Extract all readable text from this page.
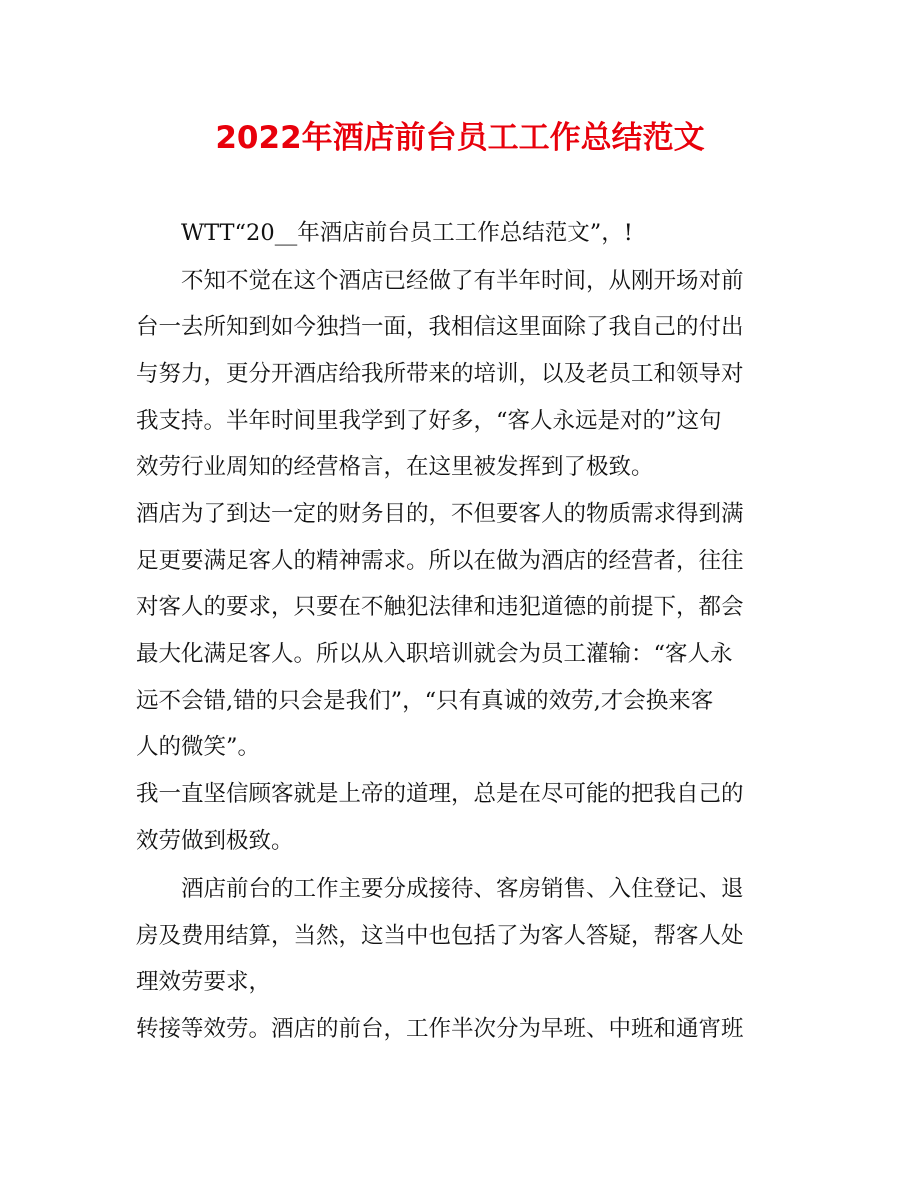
2022年酒店前台员工工作总结范文
WTT“20__年酒店前台员工工作总结范文”，!
不知不觉在这个酒店已经做了有半年时间，从刚开场对前
台一去所知到如今独挡一面，我相信这里面除了我自己的付出
与努力，更分开酒店给我所带来的培训，以及老员工和领导对
我支持。半年时间里我学到了好多，“客人永远是对的”这句
效劳行业周知的经营格言，在这里被发挥到了极致。
酒店为了到达一定的财务目的，不但要客人的物质需求得到满
足更要满足客人的精神需求。所以在做为酒店的经营者，往往
对客人的要求，只要在不触犯法律和违犯道德的前提下，都会
最大化满足客人。所以从入职培训就会为员工灌输：“客人永
远不会错,错的只会是我们”，“只有真诚的效劳,才会换来客
人的微笑”。
我一直坚信顾客就是上帝的道理，总是在尽可能的把我自己的
效劳做到极致。
酒店前台的工作主要分成接待、客房销售、入住登记、退
房及费用结算，当然，这当中也包括了为客人答疑，帮客人处
理效劳要求，
转接等效劳。酒店的前台，工作半次分为早班、中班和通宵班
